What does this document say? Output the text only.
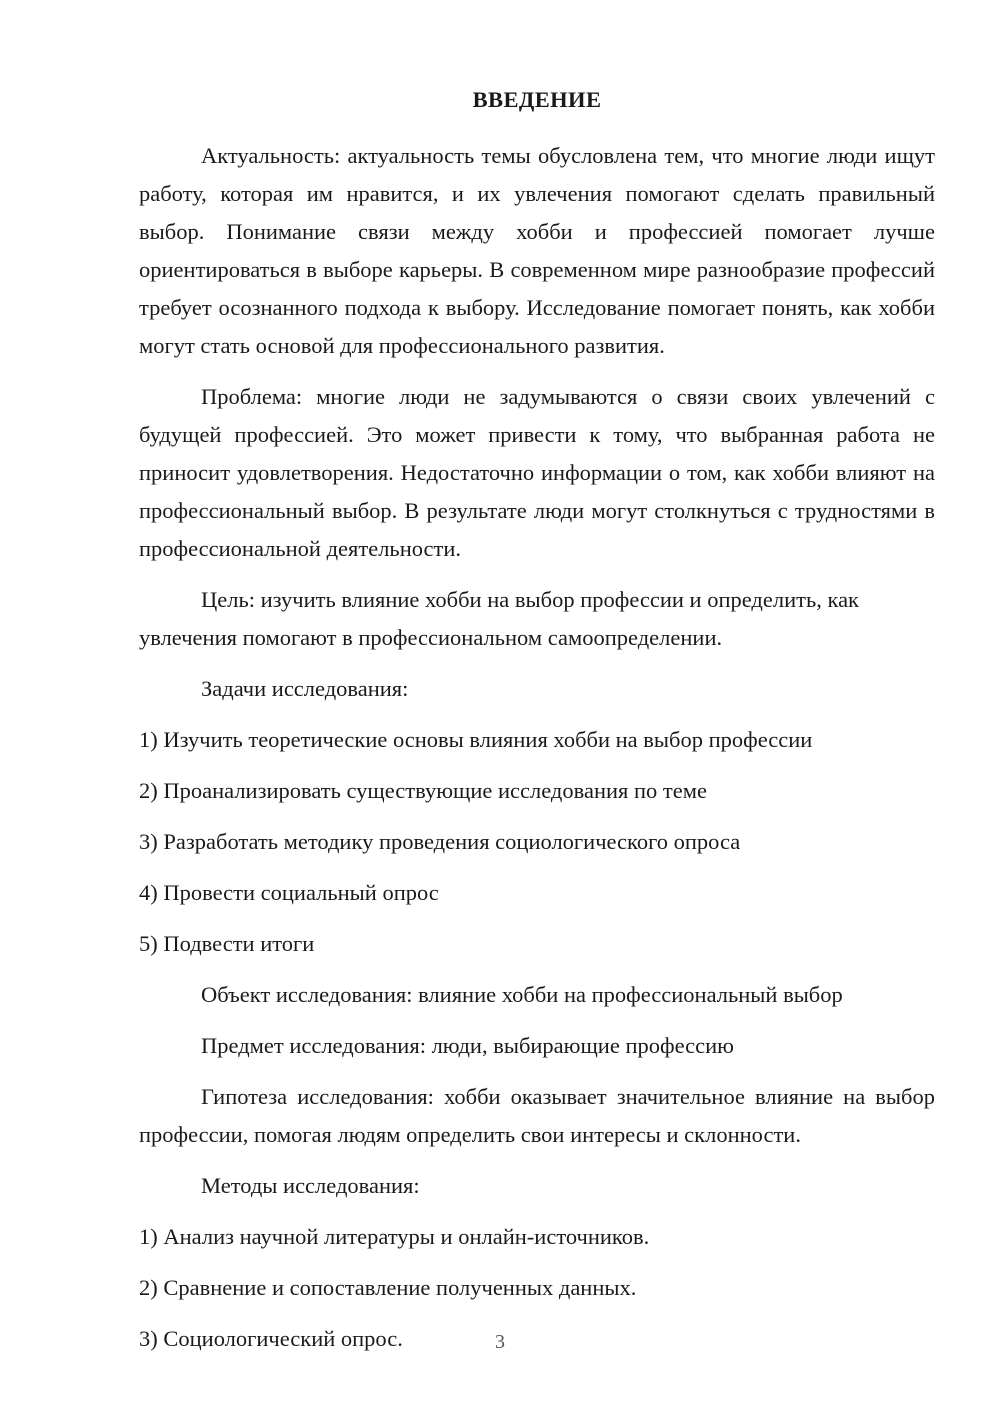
ВВЕДЕНИЕ

Актуальность: актуальность темы обусловлена тем, что многие люди ищут работу, которая им нравится, и их увлечения помогают сделать правильный выбор. Понимание связи между хобби и профессией помогает лучше ориентироваться в выборе карьеры. В современном мире разнообразие профессий требует осознанного подхода к выбору. Исследование помогает понять, как хобби могут стать основой для профессионального развития.

Проблема: многие люди не задумываются о связи своих увлечений с будущей профессией. Это может привести к тому, что выбранная работа не приносит удовлетворения. Недостаточно информации о том, как хобби влияют на профессиональный выбор. В результате люди могут столкнуться с трудностями в профессиональной деятельности.

Цель: изучить влияние хобби на выбор профессии и определить, как увлечения помогают в профессиональном самоопределении.

Задачи исследования:

1) Изучить теоретические основы влияния хобби на выбор профессии
2) Проанализировать существующие исследования по теме
3) Разработать методику проведения социологического опроса
4) Провести социальный опрос
5) Подвести итоги

Объект исследования: влияние хобби на профессиональный выбор

Предмет исследования: люди, выбирающие профессию

Гипотеза исследования: хобби оказывает значительное влияние на выбор профессии, помогая людям определить свои интересы и склонности.

Методы исследования:

1) Анализ научной литературы и онлайн-источников.
2) Сравнение и сопоставление полученных данных.
3) Социологический опрос.	3
